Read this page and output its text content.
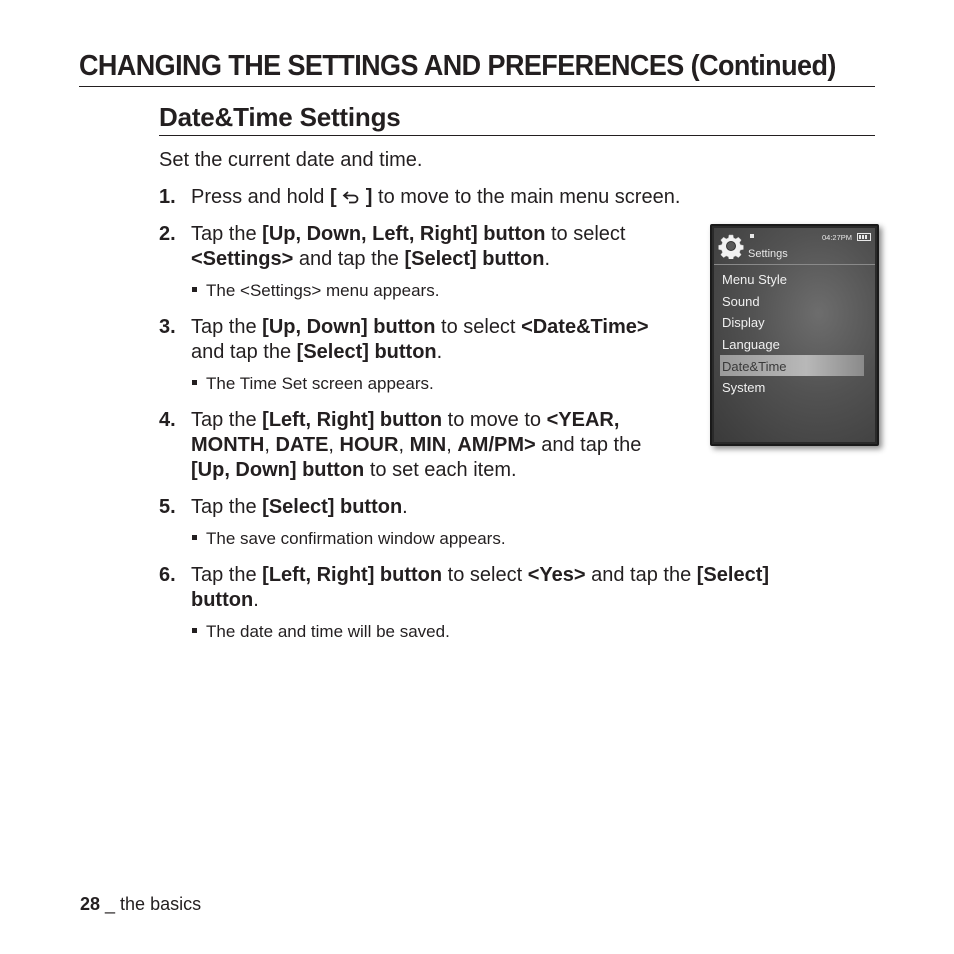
CHANGING THE SETTINGS AND PREFERENCES (Continued)
Date&Time Settings
Set the current date and time.
1. Press and hold [ ] to move to the main menu screen.
2. Tap the [Up, Down, Left, Right] button to select
<Settings> and tap the [Select] button.
The <Settings> menu appears.
3. Tap the [Up, Down] button to select <Date&Time>
and tap the [Select] button.
The Time Set screen appears.
4. Tap the [Left, Right] button to move to <YEAR,
MONTH, DATE, HOUR, MIN, AM/PM> and tap the
[Up, Down] button to set each item.
5. Tap the [Select] button.
The save confirmation window appears.
6. Tap the [Left, Right] button to select <Yes> and tap the [Select]
button.
The date and time will be saved.
Settings
04:27PM
Menu Style
Sound
Display
Language
Date&Time
System
28 _ the basics
